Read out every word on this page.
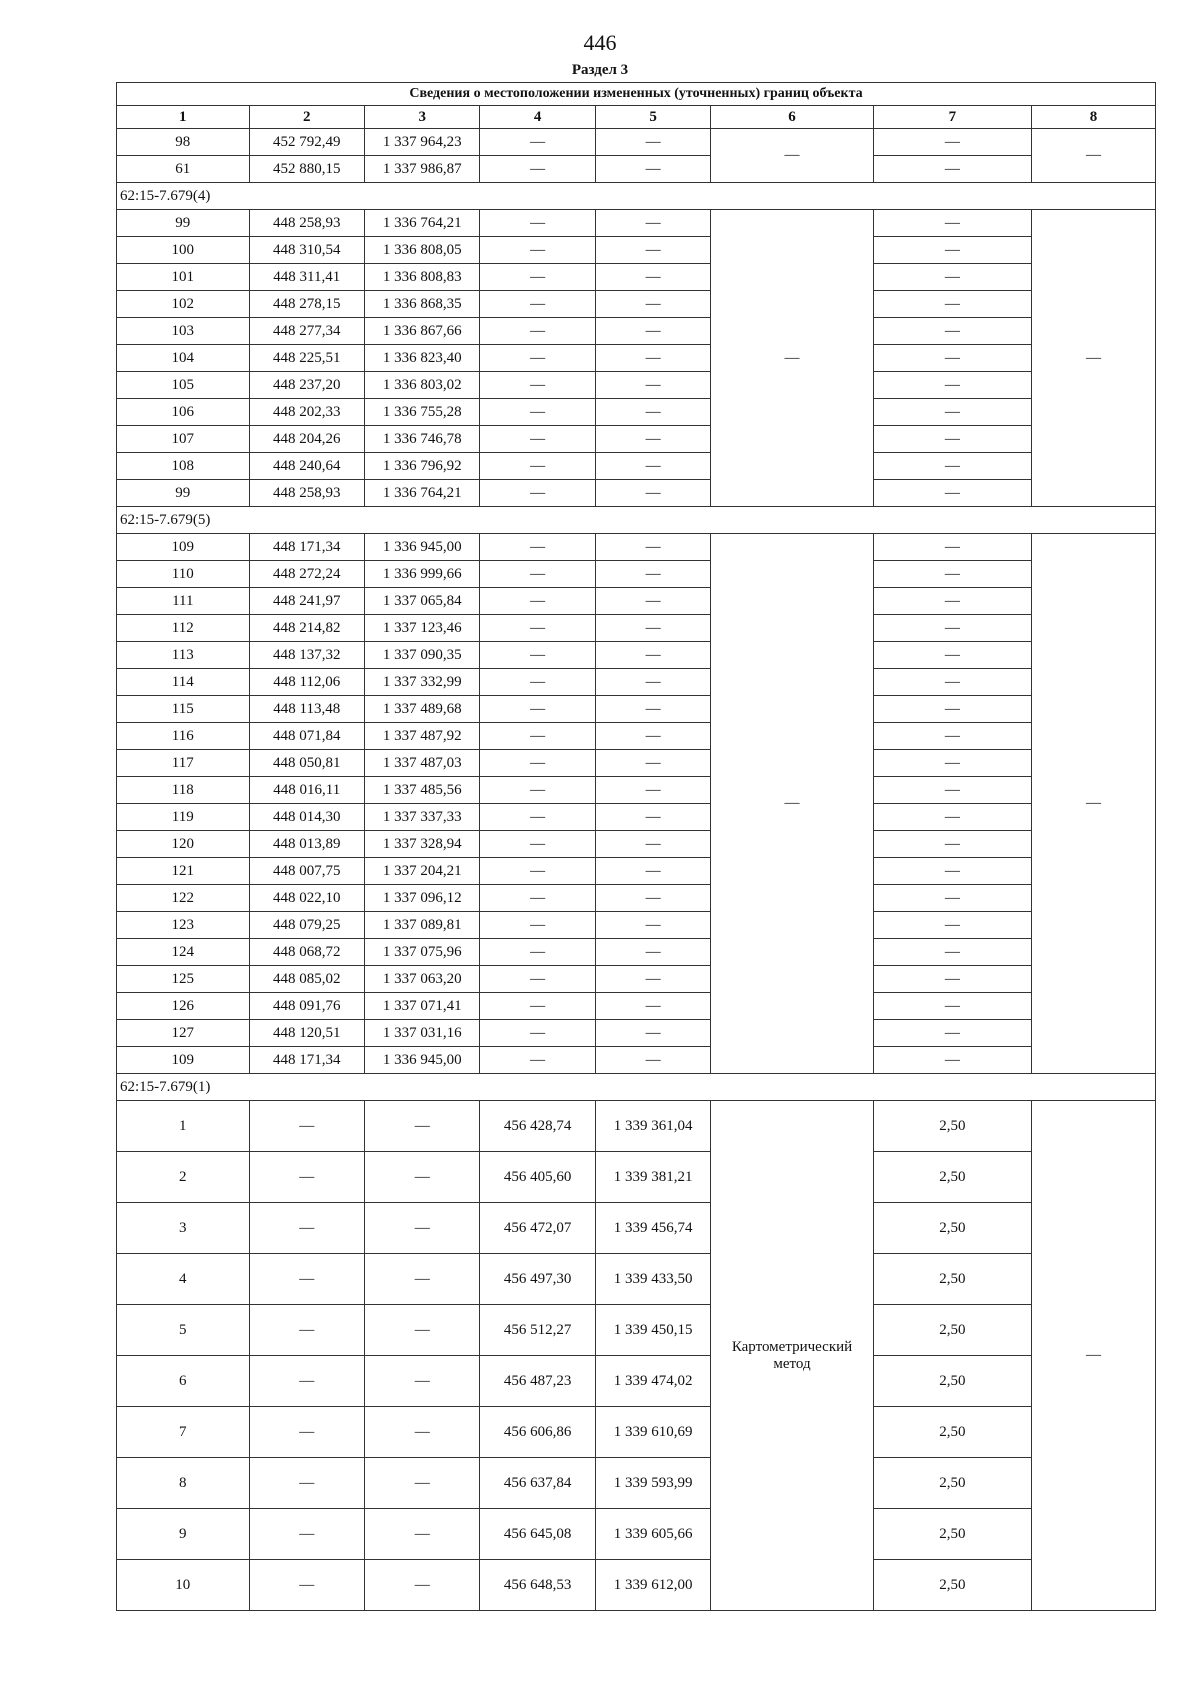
446
Раздел 3
Сведения о местоположении измененных (уточненных) границ объекта							
1	2	3	4	5	6	7	8
98	452 792,49	1 337 964,23	—	—	—	—	—
61	452 880,15	1 337 986,87	—	—		—	
62:15-7.679(4)							
99	448 258,93	1 336 764,21	—	—	—	—	—
100	448 310,54	1 336 808,05	—	—		—	
101	448 311,41	1 336 808,83	—	—		—	
102	448 278,15	1 336 868,35	—	—		—	
103	448 277,34	1 336 867,66	—	—		—	
104	448 225,51	1 336 823,40	—	—		—	
105	448 237,20	1 336 803,02	—	—		—	
106	448 202,33	1 336 755,28	—	—		—	
107	448 204,26	1 336 746,78	—	—		—	
108	448 240,64	1 336 796,92	—	—		—	
99	448 258,93	1 336 764,21	—	—		—	
62:15-7.679(5)							
109	448 171,34	1 336 945,00	—	—	—	—	—
110	448 272,24	1 336 999,66	—	—		—	
111	448 241,97	1 337 065,84	—	—		—	
112	448 214,82	1 337 123,46	—	—		—	
113	448 137,32	1 337 090,35	—	—		—	
114	448 112,06	1 337 332,99	—	—		—	
115	448 113,48	1 337 489,68	—	—		—	
116	448 071,84	1 337 487,92	—	—		—	
117	448 050,81	1 337 487,03	—	—		—	
118	448 016,11	1 337 485,56	—	—		—	
119	448 014,30	1 337 337,33	—	—		—	
120	448 013,89	1 337 328,94	—	—		—	
121	448 007,75	1 337 204,21	—	—		—	
122	448 022,10	1 337 096,12	—	—		—	
123	448 079,25	1 337 089,81	—	—		—	
124	448 068,72	1 337 075,96	—	—		—	
125	448 085,02	1 337 063,20	—	—		—	
126	448 091,76	1 337 071,41	—	—		—	
127	448 120,51	1 337 031,16	—	—		—	
109	448 171,34	1 336 945,00	—	—		—	
62:15-7.679(1)							
1	—	—	456 428,74	1 339 361,04	Картометрический метод	2,50	—
2	—	—	456 405,60	1 339 381,21		2,50	
3	—	—	456 472,07	1 339 456,74		2,50	
4	—	—	456 497,30	1 339 433,50		2,50	
5	—	—	456 512,27	1 339 450,15		2,50	
6	—	—	456 487,23	1 339 474,02		2,50	
7	—	—	456 606,86	1 339 610,69		2,50	
8	—	—	456 637,84	1 339 593,99		2,50	
9	—	—	456 645,08	1 339 605,66		2,50	
10	—	—	456 648,53	1 339 612,00		2,50	
